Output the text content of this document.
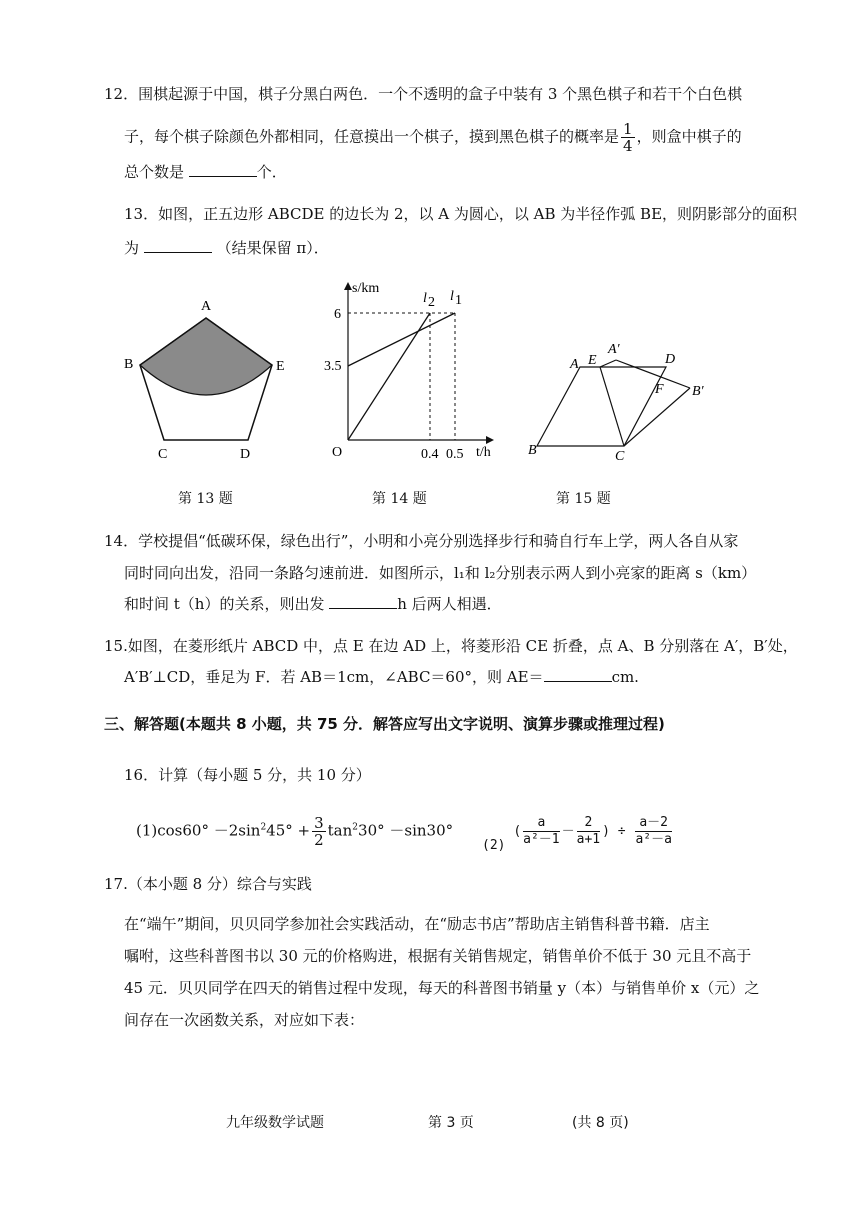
12．围棋起源于中国，棋子分黑白两色．一个不透明的盒子中装有 3 个黑色棋子和若干个白色棋
子，每个棋子除颜色外都相同，任意摸出一个棋子，摸到黑色棋子的概率是 $\frac{1}{4}$ ，则盒中棋子的
总个数是	个．
13．如图，正五边形 ABCDE 的边长为 2，以 A 为圆心，以 AB 为半径作弧 BE，则阴影部分的面积
为	（结果保留 π）．
A
B	E
C	D
第 13 题
s/km
t/h
O
6
3.5
0.4 0.5
l 2 l 1
第 14 题
A E
A′
D
F B′
B	C
第 15 题
14．学校提倡“低碳环保，绿色出行”，小明和小亮分别选择步行和骑自行车上学，两人各自从家
同时同向出发，沿同一条路匀速前进．如图所示，l₁和 l₂分别表示两人到小亮家的距离 s（km）
和时间 t（h）的关系，则出发	h 后两人相遇．
15.如图，在菱形纸片 ABCD 中，点 E 在边 AD 上，将菱形沿 CE 折叠，点 A、B 分别落在 A′，B′处，
A′B′⊥CD，垂足为 F．若 AB＝1cm，∠ABC＝60°，则 AE＝	cm.
三、解答题(本题共 8 小题，共 75 分．解答应写出文字说明、演算步骤或推理过程)
16．计算（每小题 5 分，共 10 分）
$(1)\cos 60^\circ -2\sin^245^\circ + \frac{3}{2} \tan^230^\circ -\sin 30^\circ$
(2) ( $\frac{a}{\text{a²－1}} - \frac{2}{a+1}$ ) ÷ $\frac{a-2}{\text{a²－a}}$
17.（本小题 8 分）综合与实践
在“端午”期间，贝贝同学参加社会实践活动，在“励志书店”帮助店主销售科普书籍．店主
嘱咐，这些科普图书以 30 元的价格购进，根据有关销售规定，销售单价不低于 30 元且不高于
45 元．贝贝同学在四天的销售过程中发现，每天的科普图书销量 y（本）与销售单价 x（元）之
间存在一次函数关系，对应如下表：
九年级数学试题	第 3 页	(共 8 页)
